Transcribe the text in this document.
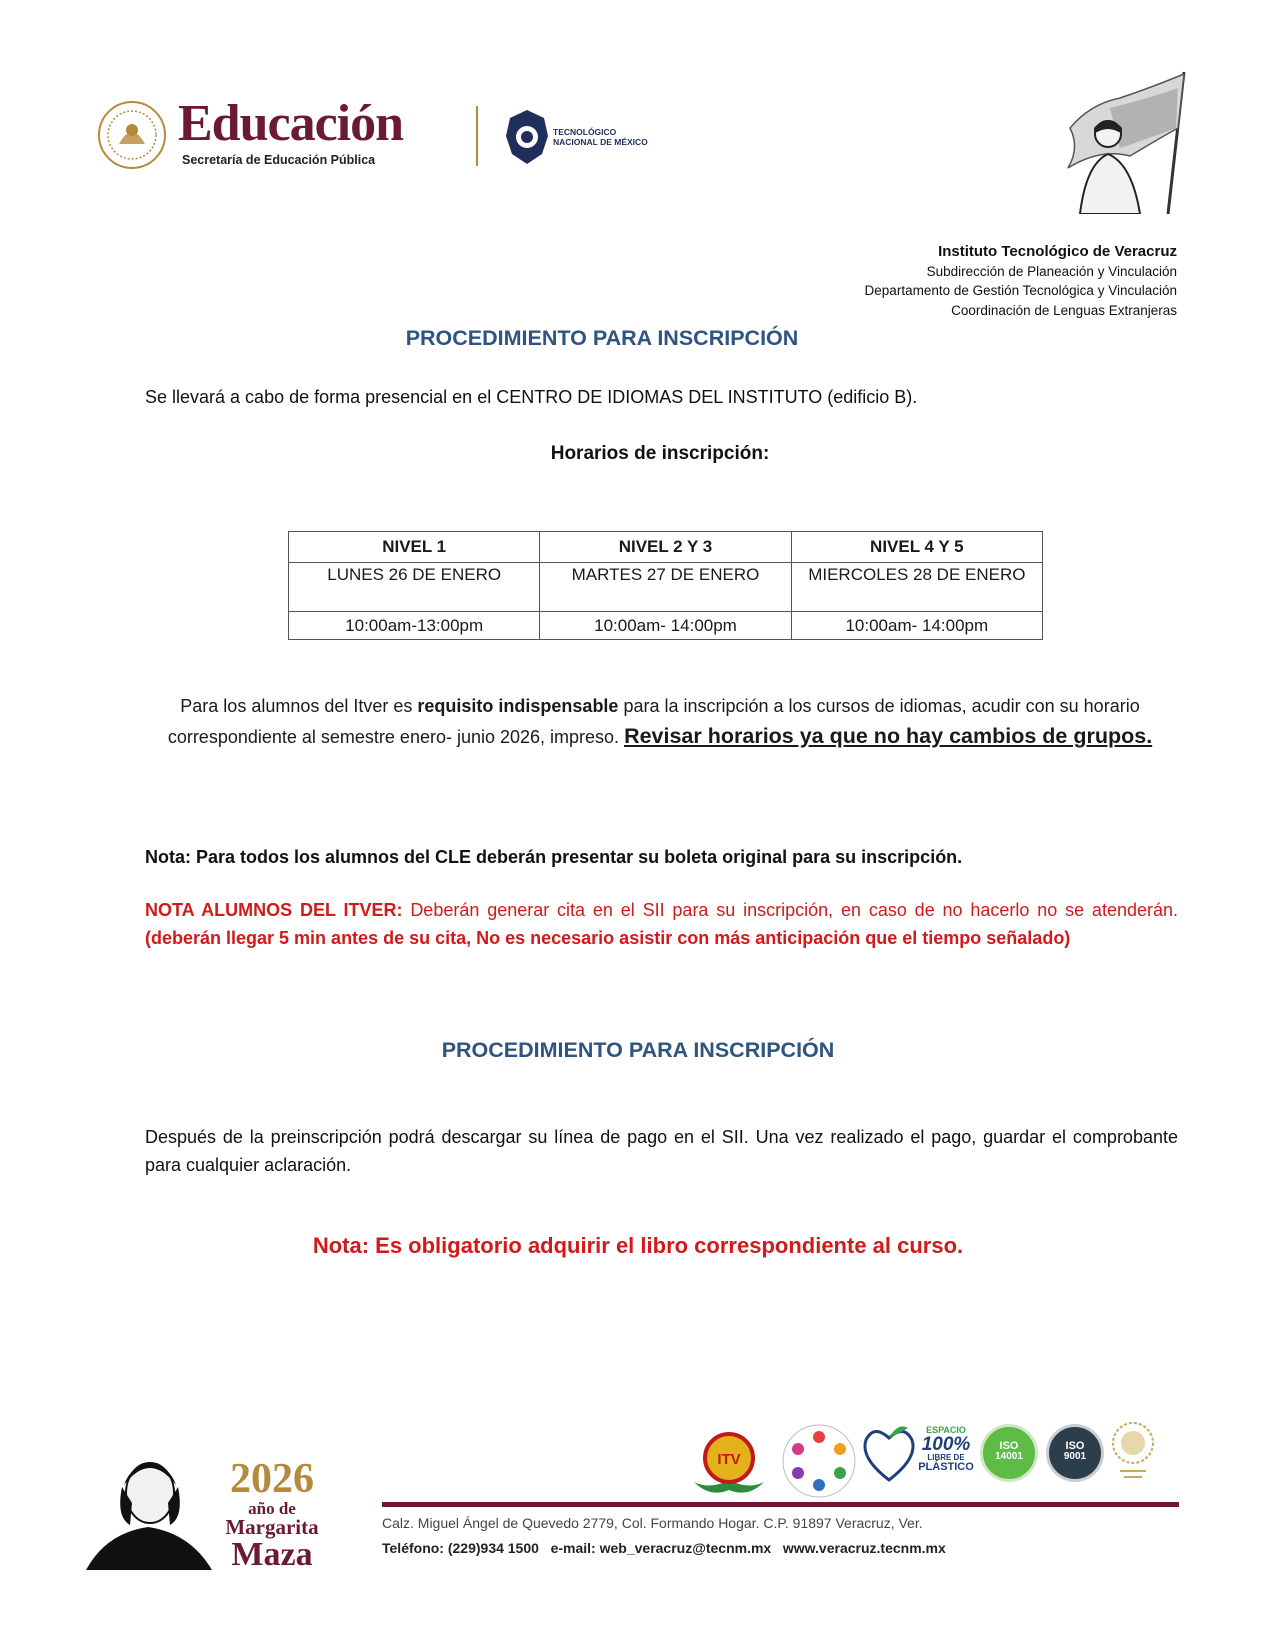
Educación
Secretaría de Educación Pública
TECNOLÓGICO
NACIONAL DE MÉXICO
Instituto Tecnológico de Veracruz
Subdirección de Planeación y Vinculación
Departamento de Gestión Tecnológica y Vinculación
Coordinación de Lenguas Extranjeras
PROCEDIMIENTO PARA INSCRIPCIÓN
Se llevará a cabo de forma presencial en el CENTRO DE IDIOMAS DEL INSTITUTO (edificio B).
Horarios de inscripción:
NIVEL 1	NIVEL 2 Y 3	NIVEL 4 Y 5
LUNES 26 DE ENERO	MARTES 27 DE ENERO	MIERCOLES 28 DE ENERO
10:00am-13:00pm	10:00am- 14:00pm	10:00am- 14:00pm
Para los alumnos del Itver es requisito indispensable para la inscripción a los cursos de idiomas, acudir con su horario correspondiente al semestre enero- junio 2026, impreso. Revisar horarios ya que no hay cambios de grupos.
Nota: Para todos los alumnos del CLE deberán presentar su boleta original para su inscripción.
NOTA ALUMNOS DEL ITVER: Deberán generar cita en el SII para su inscripción, en caso de no hacerlo no se atenderán. (deberán llegar 5 min antes de su cita, No es necesario asistir con más anticipación que el tiempo señalado)
PROCEDIMIENTO PARA INSCRIPCIÓN
Después de la preinscripción podrá descargar su línea de pago en el SII. Una vez realizado el pago, guardar el comprobante para cualquier aclaración.
Nota: Es obligatorio adquirir el libro correspondiente al curso.
2026
año de
Margarita
Maza
ITV
ESPACIO
100%
LIBRE DE
PLÁSTICO
ISO
14001
ISO
9001
Calz. Miguel Ángel de Quevedo 2779, Col. Formando Hogar. C.P. 91897 Veracruz, Ver.
Teléfono: (229)934 1500   e-mail: web_veracruz@tecnm.mx   www.veracruz.tecnm.mx
